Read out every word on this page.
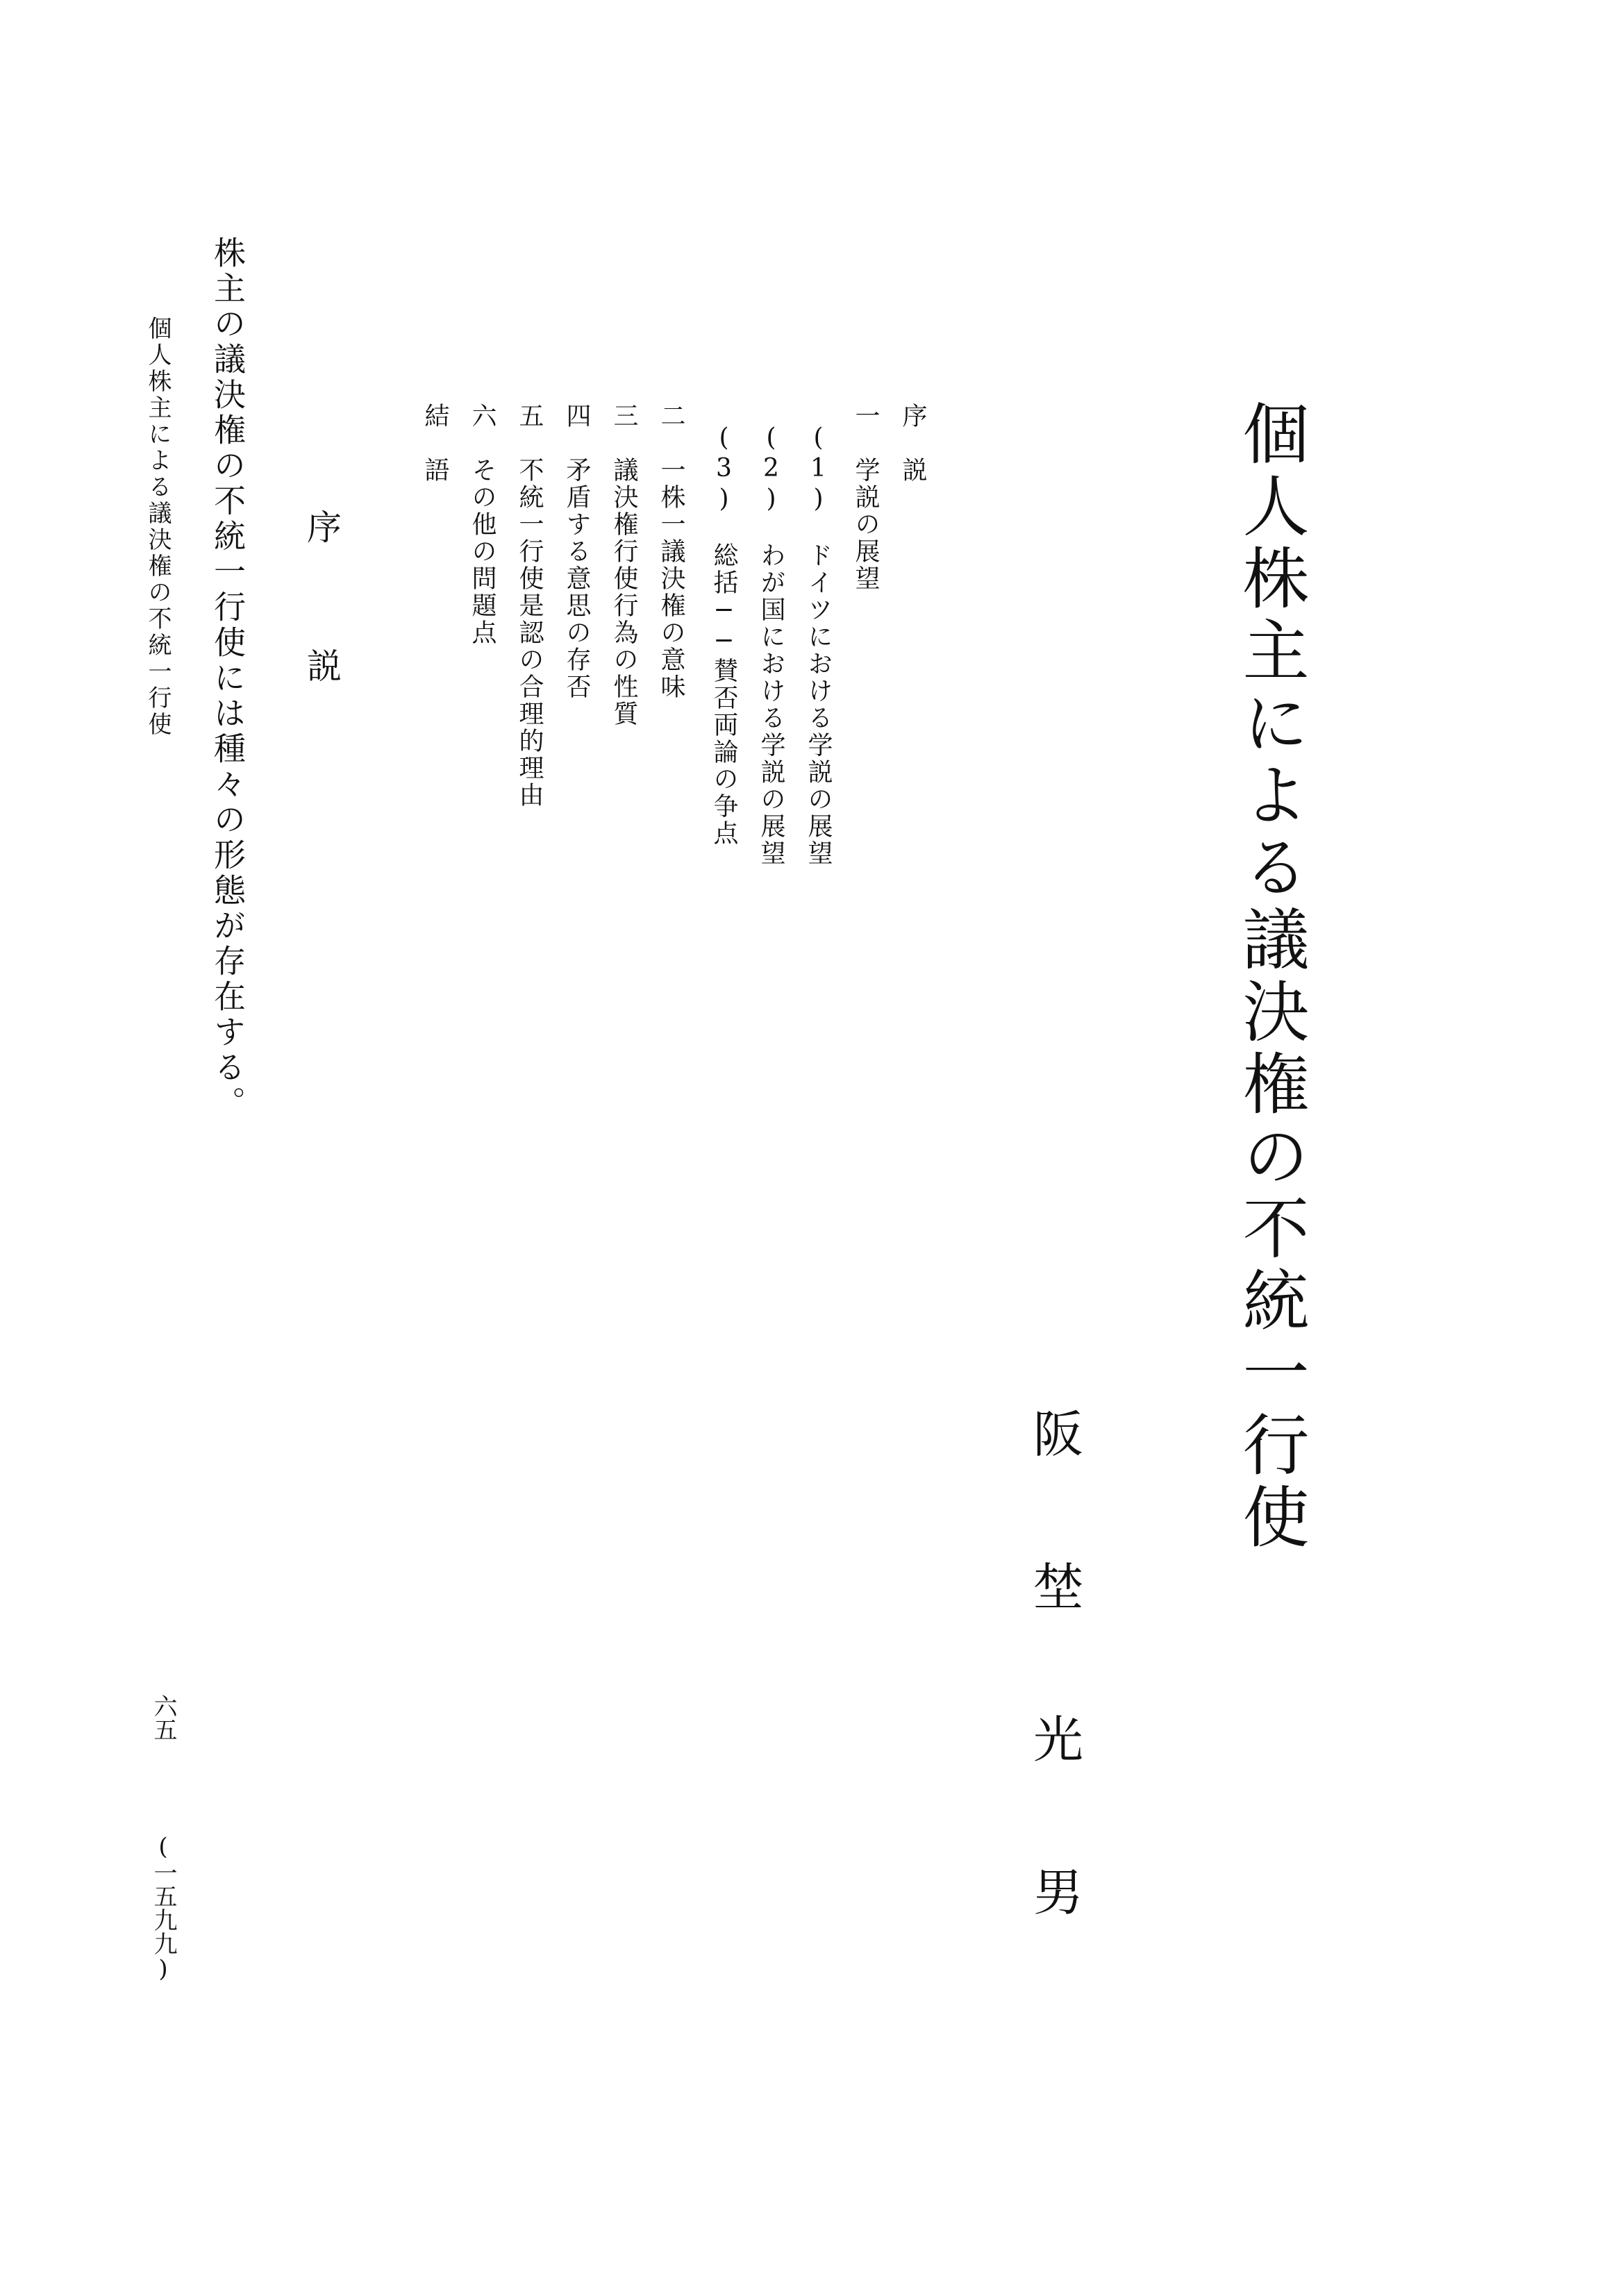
個人株主による議決権の不統一行使
阪
埜
光
男
序　説
一　学説の展望
(1)　ドイツにおける学説の展望
(2)　わが国における学説の展望
(3)　総括──賛否両論の争点
二　一株一議決権の意味
三　議決権行使行為の性質
四　矛盾する意思の存否
五　不統一行使是認の合理的理由
六　その他の問題点
結　語
序
説
株主の議決権の不統一行使には種々の形態が存在する。
個人株主による議決権の不統一行使
六五
(一五九九)
